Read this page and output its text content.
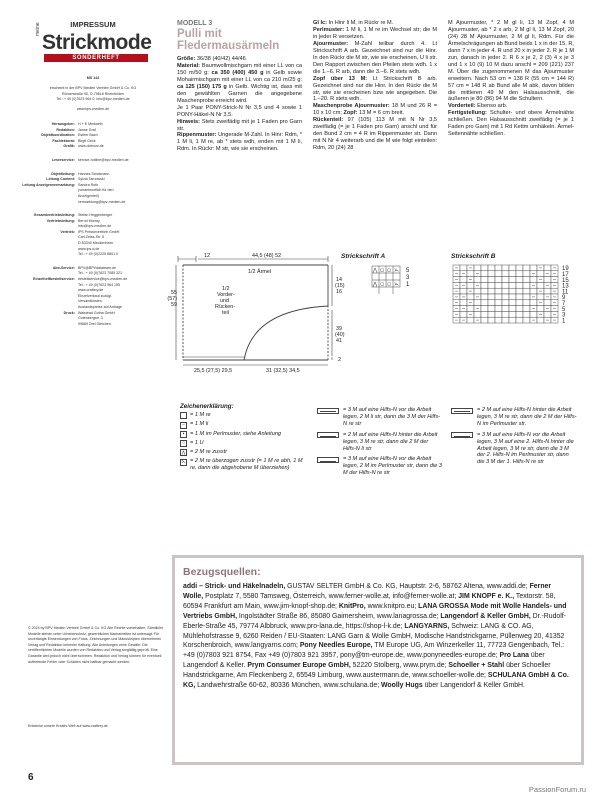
IMPRESSUM
meine
Strickmode
SONDERHEFT
MS 144
erscheint in der BPV Medien Vertrieb GmbH & Co. KG
Römerstraße 90, D-79618 Rheinfelden
Tel.: + 49 (0)7623 964 0, info@bpv-medien.de
www.bpv-medien.de
Herausgeber: H + E Medweth
Redaktion: Janne Graf
Objektkoordination: Esther Bach
Fachlektorat: Birgit Geck
Grafik: www.dobrurz.de
Leserservice: service-hotline@bpv-medien.de
Objektleitung: Hannes Stockmann
Leitung Content: Sylvia Tarnowski
Leitung Anzeigenvermarktung: Sandra Roth
(verantwortlich für den
Anzeigenteil)
vermarktung@bpv-medien.de
Gesamtvertriebsleitung: Stefan Heggenberger
Vertriebsleitung: Bernd Murray
info@bpv-medien.de
Vertrieb: IPS Pressevertrieb GmbH
Carl-Zeiss-Str. 5
D-53340 Meckenheim
www.ips-d.de
Tel.: + 49 (0)2225 8801 0
Abo-Service: BPV@BPVdatateam.de
Tel.: + 49 (0)7623 7085 321
Einzelheftbestellservice: bestellservice@bpv-medien.de
Tel.: + 49 (0)7623 964 155
www.craftery.de
Einzelverkauf zuzügl.
Versandkosten.
Auslandspreise auf Anfrage
Druck: Walstead Gotha GmbH
Gutenbergstr. 3
99869 Drei Gleichen
© 2024 by BPV Medien Vertrieb GmbH & Co. KG Alle Rechte vorbehalten. Sämtliche Modelle stehen unter Urheberschutz, gewerbliches Nacharbeiten ist untersagt. Für unverlangte Einsendungen von Fotos, Zeichnungen und Manuskripten übernehmen Verlag und Redaktion keinerlei Haftung. Alle Anleitungen ohne Gewähr. Die veröffentlichten Modelle wurden von Redaktion und Verlag sorgfältig geprüft. Eine Garantie wird jedoch nicht übernommen. Redaktion und Verlag können für eventuell auftretende Fehler oder Schäden nicht haftbar gemacht werden.
Entdecke unsere Kreativ-Welt auf www.craftery.de
6
PassionForum.ru
MODELL 3
Pulli mit
Fledermausärmeln
Größe: 36/38 (40/42) 44/46
Material: Baumwollmischgarn mit einer LL von ca 150 m/50 g: ca 350 (400) 450 g in Gelb sowie Mohairmischgarn mit einer LL von ca 210 m/25 g: ca 125 (150) 175 g in Gelb. Wichtig ist, dass mit den gewählten Garnen die angegebene Maschenprobe erreicht wird.
Je 1 Paar PONY-Strick-N Nr 3,5 und 4 sowie 1 PONY-Häkel-N Nr 3,5.
Hinweis: Stets zweifädig mit je 1 Faden pro Garn str.
Rippenmuster: Ungerade M-Zahl. In Hinr: Rdm, * 1 M li, 1 M re, ab * stets wdh, enden mit 1 M li, Rdm. In Rückr: M str, wie sie erscheinen.

GI Ic: In Hinr li M, in Rückr re M.
Perlmuster: 1 M li, 1 M re im Wechsel str; die M in jeder R versetzen.
Ajourmuster: M-Zahl teilbar durch 4. Lt Strickschrift A arb. Gezeichnet sind nur die Hinr. In den Rückr die M str, wie sie erscheinen, U li str. Den Rapport zwischen den Pfeilen stets wdh. 1 x die 1.–6. R arb, dann die 3.–6. R stets wdh.
Zopf über 13 M: Lt Strickschrift B arb. Gezeichnet sind nur die Hinr. In den Rückr die M str, wie sie erscheinen bzw wie angegeben. Die 1.–20. R stets wdh.
Maschenprobe Ajourmuster: 18 M und 26 R = 10 x 10 cm; Zopf: 13 M = 6 cm breit.
Rückenteil: 97 (105) 113 M mit N Nr 3,5 zweifädig (= je 1 Faden pro Garn) anschl und für den Bund 2 cm = 4 R im Rippenmuster str. Dann mit N Nr 4 weiterarb und die M wie folgt einteilen: Rdm, 20 (24) 28

M Ajourmuster, * 2 M gl li, 13 M Zopf, 4 M Ajourmuster, ab * 2 x arb, 2 M gl li, 13 M Zopf, 20 (24) 28 M Ajourmuster, 2 M gl li, Rdm. Für die Ärmelschrägungen ab Bund beids 1 x in der 15. R, dann 7 x in jeder 4. R und 20 x in jeder 2. R je 1 M zun, danach in jeder 2. R 6 x je 2, 2 (3) 4 x je 3 und 1 x 10 (9) 10 M dazu anschl = 209 (221) 237 M. Über die zugenommenen M das Ajourmuster erweitern. Nach 53 cm = 138 R (55 cm = 144 R) 57 cm = 148 R ab Bund alle M abk, davon bilden die mittleren 49 M den Halsausschnitt, die äußeren je 80 (86) 94 M die Schultern.
Vorderteil: Ebenso arb.
Fertigstellung: Schulter- und obere Ärmelnähte schließen. Den Halsausschnitt zweifädig (= je 1 Faden pro Garn) mit 1 Rd Kettm umhäkeln. Ärmel-Seitennähte schließen.

12	44,5 (48) 52
1/2 Ärmel
1/2
Vorder-
und
Rücken-
teil
55
(57)
59
14
(15)
16
39
(40)
41
2
25,5 (27,5) 29,5	31 (32,5) 34,5
Strickschrift A
⋀ ○ ○ ⋋
⋀ ○ ○ ⋋
5
3
1
Strickschrift B
19
17
15
13
11
9
7
5
3
1
Zeichenerklärung:
= 1 M re
– = 1 M li
•	= 1 M im Perlmuster, siehe Anleitung
○ = 1 U
⋀ = 2 M re zusstr
⋋ = 2 M re überzogen zusstr (= 1 M re abh, 1 M re, dann die abgehobene M überziehen)
= 3 M auf eine Hilfs-N vor die Arbeit legen, 2 M li str, dann die 3 M der Hilfs-N re str
= 2 M auf eine Hilfs-N hinter die Arbeit legen, 3 M re str, dann die 2 M der Hilfs-N li str
= 3 M auf eine Hilfs-N vor die Arbeit legen, 2 M im Perlmuster str, dann die 3 M der Hilfs-N re str
= 2 M auf eine Hilfs-N hinter die Arbeit legen, 3 M re str, dann die 2 M der Hilfs-N im Perlmuster str.
= 3 M auf eine Hilfs-N vor die Arbeit legen, 3 M auf eine 2. Hilfs-N hinter die Arbeit legen, 3 M re str, dann die 3 M der 2. Hilfs-N im Perlmuster str, dann die 3 M der 1. Hilfs-N re str
Bezugsquellen:

addi – Strick- und Häkelnadeln, GUSTAV SELTER GmbH & Co. KG, Hauptstr. 2-6, 58762 Altena, www.addi.de; Ferner Wolle, Postplatz 7, 5580 Tamsweg, Österreich, www.ferner-wolle.at, info@ferner-wolle.at; JIM KNOPF e. K., Textorstr. 58, 60594 Frankfurt am Main, www.jim-knopf-shop.de; KnitPro, www.knitpro.eu; LANA GROSSA Mode mit Wolle Handels- und Vertriebs GmbH, Ingolstädter Straße 86, 85080 Gaimersheim, www.lanagrossa.de; Langendorf & Keller GmbH, Dr.-Rudolf-Eberle-Straße 45, 79774 Albbruck, www.pro-lana.de, https://shop-l-k.de; LANGYARNS, Schweiz: LANG & CO. AG, Mühlehofstrasse 9, 6260 Reiden / EU-Staaten: LANG Garn & Wolle GmbH, Modische Handstrickgarne, Püllenweg 20, 41352 Korschenbroich, www.langyarns.com; Pony Needles Europe, TM Europe UG, Am Winzerkeller 11, 77723 Gengenbach, Tel.: +49 (0)7803 921 8754, Fax +49 (0)7803 921 3957, pony@tm-europe.de, www.ponyneedles-europe.de; Pro Lana über Langendorf & Keller. Prym Consumer Europe GmbH, 52220 Stolberg, www.prym.de; Schoeller + Stahl über Schoeller Handstrickgarne, Am Fleckenberg 2, 65549 Limburg, www.austermann.de, www.schoeller-wolle.de; SCHULANA GmbH & Co. KG, Landwehrstraße 60-62, 80336 München, www.schulana.de; Woolly Hugs über Langendorf & Keller GmbH.
